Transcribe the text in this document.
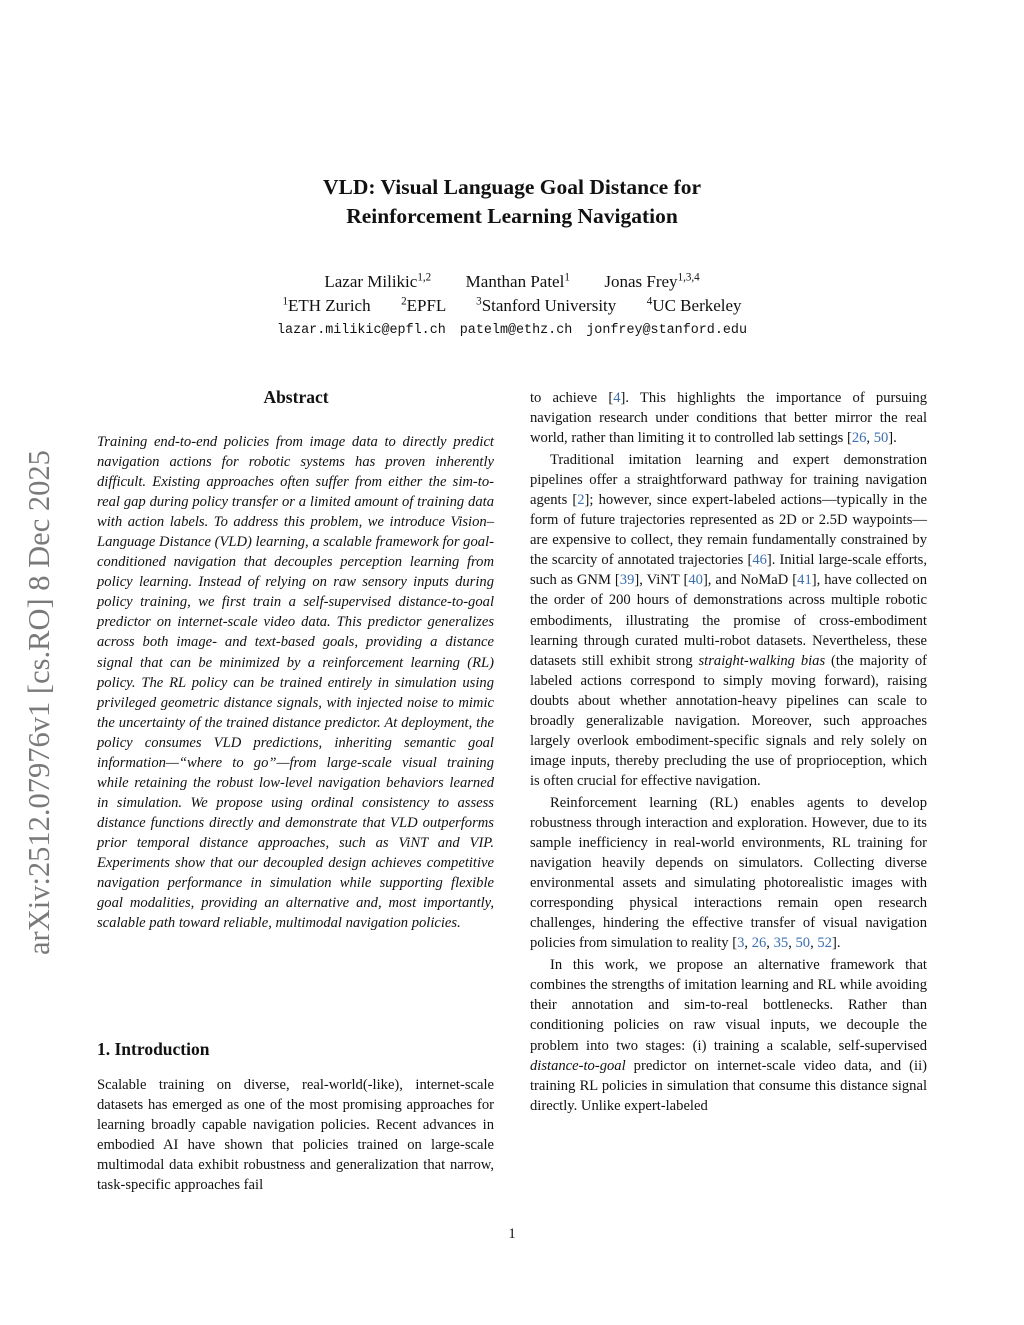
arXiv:2512.07976v1 [cs.RO] 8 Dec 2025
VLD: Visual Language Goal Distance for
Reinforcement Learning Navigation
Lazar Milikic$^{1,2}$ Manthan Patel$^1$ Jonas Frey$^{1,3,4}$
$^1$ETH Zurich	$^2$EPFL	$^3$Stanford University	$^4$UC Berkeley
lazar.milikic@epfl.ch patelm@ethz.ch jonfrey@stanford.edu
Abstract
Training end-to-end policies from image data to directly predict navigation actions for robotic systems has proven inherently difficult. Existing approaches often suffer from either the sim-to-real gap during policy transfer or a limited amount of training data with action labels. To address this problem, we introduce Vision–Language Distance (VLD) learning, a scalable framework for goal-conditioned navigation that decouples perception learning from policy learning. Instead of relying on raw sensory inputs during policy training, we first train a self-supervised distance-to-goal predictor on internet-scale video data. This predictor generalizes across both image- and text-based goals, providing a distance signal that can be minimized by a reinforcement learning (RL) policy. The RL policy can be trained entirely in simulation using privileged geometric distance signals, with injected noise to mimic the uncertainty of the trained distance predictor. At deployment, the policy consumes VLD predictions, inheriting semantic goal information—“where to go”—from large-scale visual training while retaining the robust low-level navigation behaviors learned in simulation. We propose using ordinal consistency to assess distance functions directly and demonstrate that VLD outperforms prior temporal distance approaches, such as ViNT and VIP. Experiments show that our decoupled design achieves competitive navigation performance in simulation while supporting flexible goal modalities, providing an alternative and, most importantly, scalable path toward reliable, multimodal navigation policies.
1. Introduction
Scalable training on diverse, real-world(-like), internet-scale datasets has emerged as one of the most promising approaches for learning broadly capable navigation policies. Recent advances in embodied AI have shown that policies trained on large-scale multimodal data exhibit robustness and generalization that narrow, task-specific approaches fail

to achieve [4]. This highlights the importance of pursuing navigation research under conditions that better mirror the real world, rather than limiting it to controlled lab settings [26, 50].

Traditional imitation learning and expert demonstration pipelines offer a straightforward pathway for training navigation agents [2]; however, since expert-labeled actions—typically in the form of future trajectories represented as 2D or 2.5D waypoints—are expensive to collect, they remain fundamentally constrained by the scarcity of annotated trajectories [46]. Initial large-scale efforts, such as GNM [39], ViNT [40], and NoMaD [41], have collected on the order of 200 hours of demonstrations across multiple robotic embodiments, illustrating the promise of cross-embodiment learning through curated multi-robot datasets. Nevertheless, these datasets still exhibit strong straight-walking bias (the majority of labeled actions correspond to simply moving forward), raising doubts about whether annotation-heavy pipelines can scale to broadly generalizable navigation. Moreover, such approaches largely overlook embodiment-specific signals and rely solely on image inputs, thereby precluding the use of proprioception, which is often crucial for effective navigation.

Reinforcement learning (RL) enables agents to develop robustness through interaction and exploration. However, due to its sample inefficiency in real-world environments, RL training for navigation heavily depends on simulators. Collecting diverse environmental assets and simulating photorealistic images with corresponding physical interactions remain open research challenges, hindering the effective transfer of visual navigation policies from simulation to reality [3, 26, 35, 50, 52].

In this work, we propose an alternative framework that combines the strengths of imitation learning and RL while avoiding their annotation and sim-to-real bottlenecks. Rather than conditioning policies on raw visual inputs, we decouple the problem into two stages: (i) training a scalable, self-supervised distance-to-goal predictor on internet-scale video data, and (ii) training RL policies in simulation that consume this distance signal directly. Unlike expert-labeled

1
